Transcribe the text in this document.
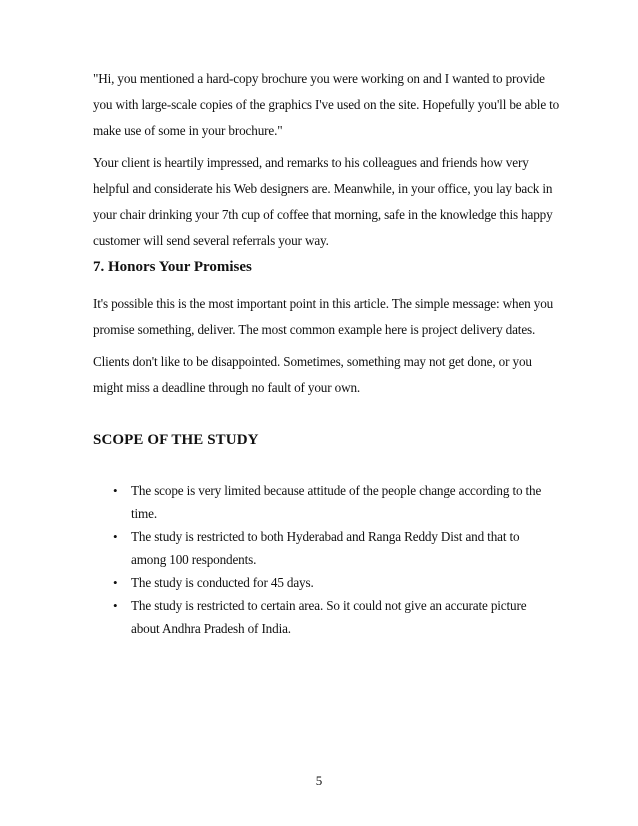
"Hi, you mentioned a hard-copy brochure you were working on and I wanted to provide you with large-scale copies of the graphics I've used on the site. Hopefully you'll be able to make use of some in your brochure."

Your client is heartily impressed, and remarks to his colleagues and friends how very helpful and considerate his Web designers are. Meanwhile, in your office, you lay back in your chair drinking your 7th cup of coffee that morning, safe in the knowledge this happy customer will send several referrals your way.

7. Honors Your Promises

It's possible this is the most important point in this article. The simple message: when you promise something, deliver. The most common example here is project delivery dates.

Clients don't like to be disappointed. Sometimes, something may not get done, or you might miss a deadline through no fault of your own.

SCOPE OF THE STUDY
• The scope is very limited because attitude of the people change according to the time.
• The study is restricted to both Hyderabad and Ranga Reddy Dist and that to among 100 respondents.
• The study is conducted for 45 days.
• The study is restricted to certain area. So it could not give an accurate picture about Andhra Pradesh of India.

5
